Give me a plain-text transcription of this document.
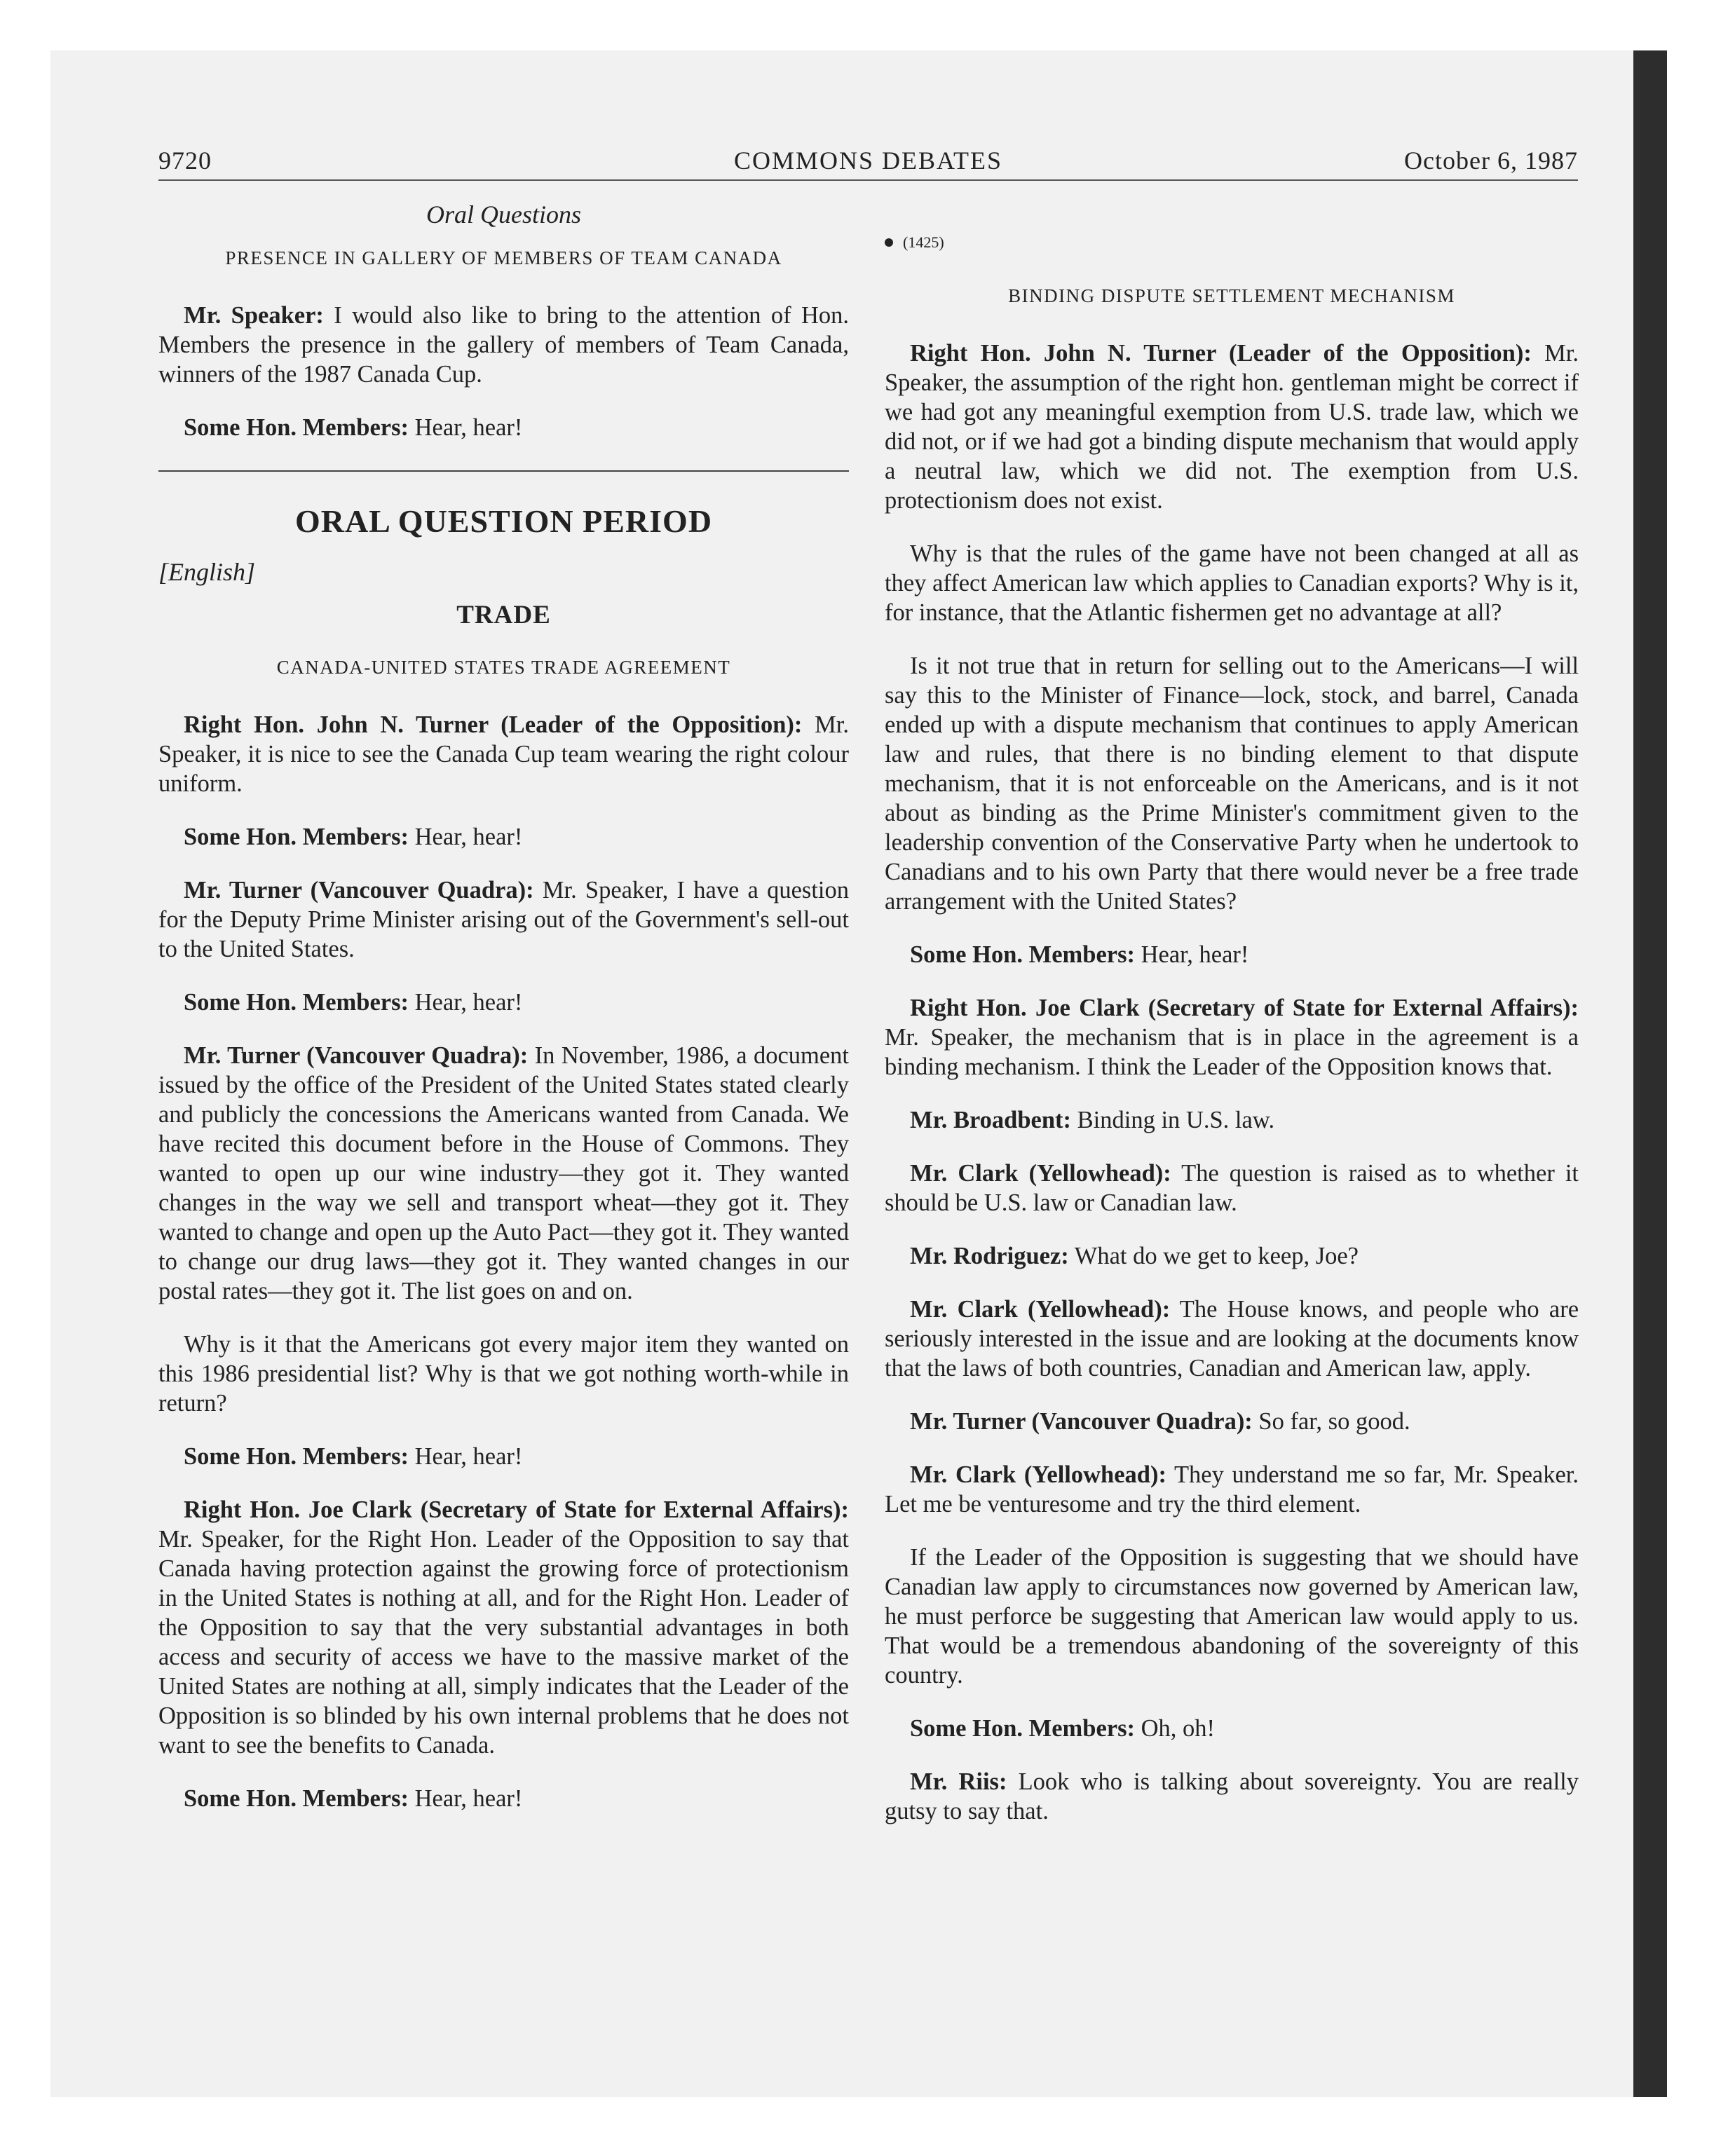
9720	COMMONS DEBATES	October 6, 1987

Oral Questions

PRESENCE IN GALLERY OF MEMBERS OF TEAM CANADA

Mr. Speaker: I would also like to bring to the attention of Hon. Members the presence in the gallery of members of Team Canada, winners of the 1987 Canada Cup.

Some Hon. Members: Hear, hear!

ORAL QUESTION PERIOD

[English]

TRADE

CANADA-UNITED STATES TRADE AGREEMENT

Right Hon. John N. Turner (Leader of the Opposition): Mr. Speaker, it is nice to see the Canada Cup team wearing the right colour uniform.

Some Hon. Members: Hear, hear!

Mr. Turner (Vancouver Quadra): Mr. Speaker, I have a question for the Deputy Prime Minister arising out of the Government's sell-out to the United States.

Some Hon. Members: Hear, hear!

Mr. Turner (Vancouver Quadra): In November, 1986, a document issued by the office of the President of the United States stated clearly and publicly the concessions the Americans wanted from Canada. We have recited this document before in the House of Commons. They wanted to open up our wine industry—they got it. They wanted changes in the way we sell and transport wheat—they got it. They wanted to change and open up the Auto Pact—they got it. They wanted to change our drug laws—they got it. They wanted changes in our postal rates—they got it. The list goes on and on.

Why is it that the Americans got every major item they wanted on this 1986 presidential list? Why is that we got nothing worth-while in return?

Some Hon. Members: Hear, hear!

Right Hon. Joe Clark (Secretary of State for External Affairs): Mr. Speaker, for the Right Hon. Leader of the Opposition to say that Canada having protection against the growing force of protectionism in the United States is nothing at all, and for the Right Hon. Leader of the Opposition to say that the very substantial advantages in both access and security of access we have to the massive market of the United States are nothing at all, simply indicates that the Leader of the Opposition is so blinded by his own internal problems that he does not want to see the benefits to Canada.

Some Hon. Members: Hear, hear!

(1425)

BINDING DISPUTE SETTLEMENT MECHANISM

Right Hon. John N. Turner (Leader of the Opposition): Mr. Speaker, the assumption of the right hon. gentleman might be correct if we had got any meaningful exemption from U.S. trade law, which we did not, or if we had got a binding dispute mechanism that would apply a neutral law, which we did not. The exemption from U.S. protectionism does not exist.

Why is that the rules of the game have not been changed at all as they affect American law which applies to Canadian exports? Why is it, for instance, that the Atlantic fishermen get no advantage at all?

Is it not true that in return for selling out to the Americans—I will say this to the Minister of Finance—lock, stock, and barrel, Canada ended up with a dispute mechanism that continues to apply American law and rules, that there is no binding element to that dispute mechanism, that it is not enforceable on the Americans, and is it not about as binding as the Prime Minister's commitment given to the leadership convention of the Conservative Party when he undertook to Canadians and to his own Party that there would never be a free trade arrangement with the United States?

Some Hon. Members: Hear, hear!

Right Hon. Joe Clark (Secretary of State for External Affairs): Mr. Speaker, the mechanism that is in place in the agreement is a binding mechanism. I think the Leader of the Opposition knows that.

Mr. Broadbent: Binding in U.S. law.

Mr. Clark (Yellowhead): The question is raised as to whether it should be U.S. law or Canadian law.

Mr. Rodriguez: What do we get to keep, Joe?

Mr. Clark (Yellowhead): The House knows, and people who are seriously interested in the issue and are looking at the documents know that the laws of both countries, Canadian and American law, apply.

Mr. Turner (Vancouver Quadra): So far, so good.

Mr. Clark (Yellowhead): They understand me so far, Mr. Speaker. Let me be venturesome and try the third element.

If the Leader of the Opposition is suggesting that we should have Canadian law apply to circumstances now governed by American law, he must perforce be suggesting that American law would apply to us. That would be a tremendous abandoning of the sovereignty of this country.

Some Hon. Members: Oh, oh!

Mr. Riis: Look who is talking about sovereignty. You are really gutsy to say that.
